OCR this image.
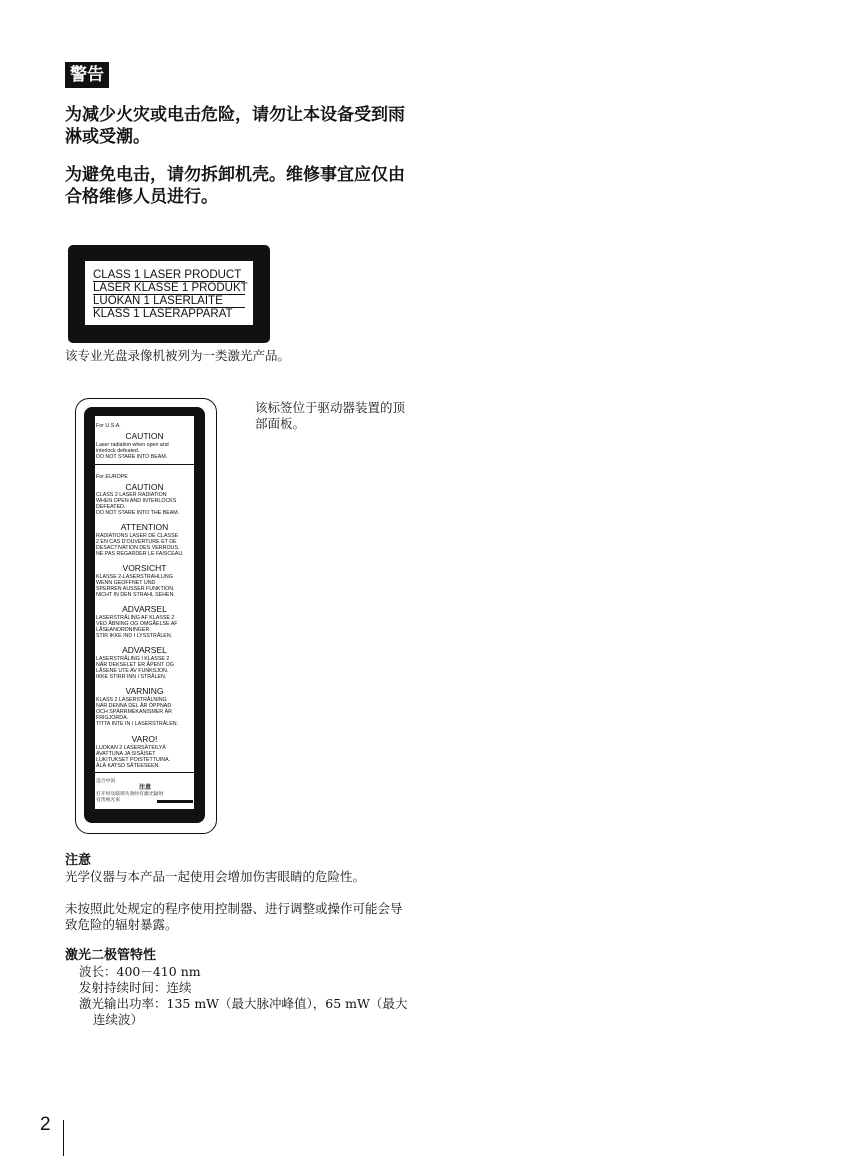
警告
为减少火灾或电击危险，请勿让本设备受到雨
淋或受潮。
为避免电击，请勿拆卸机壳。维修事宜应仅由
合格维修人员进行。
CLASS 1 LASER PRODUCT
LASER KLASSE 1 PRODUKT
LUOKAN 1 LASERLAITE
KLASS 1 LASERAPPARAT
该专业光盘录像机被列为一类激光产品。
For U.S.A.
CAUTION
Laser radiation when open and
interlock defeated.
DO NOT STARE INTO BEAM.
For EUROPE
CAUTION
CLASS 2 LASER RADIATION
WHEN OPEN AND INTERLOCKS
DEFEATED.
DO NOT STARE INTO THE BEAM.
ATTENTION
RADIATIONS LASER DE CLASSE
2 EN CAS D'OUVERTURE ET DE
DESACTIVATION DES VERROUS.
NE PAS REGARDER LE FAISCEAU.
VORSICHT
KLASSE 2-LASERSTRAHLUNG
WENN GEOFFNET UND
SPERREN AUSSER FUNKTION.
NICHT IN DEN STRAHL SEHEN.
ADVARSEL
LASERSTRÅLING AF KLASSE 2
VED ÅBNING OG OMGÅELSE AF
LÅSEANORDNINGER.
STIR IKKE IND I LYSSTRÅLEN.
ADVARSEL
LASERSTRÅLING I KLASSE 2
NÅR DEKSELET ER ÅPENT OG
LÅSENE UTE AV FUNKSJON.
IKKE STIRR INN I STRÅLEN.
VARNING
KLASS 2 LASERSTRÅLNING
NÄR DENNA DEL ÄR ÖPPNAD
OCH SPÄRRMEKANISMER ÄR
FRIGJORDA.
TITTA INTE IN I LASERSTRÅLEN.
VARO!
LUOKAN 2 LASERSÄTEILYÄ
AVATTUNA JA SISÄISET
LUKITUKSET POISTETTUINA.
ÄLÄ KATSO SÄTEESEEN.
适合中国
注意
打开时及联锁失效时有激光辐射
有害视光束
该标签位于驱动器装置的顶
部面板。
注意
光学仪器与本产品一起使用会增加伤害眼睛的危险性。
未按照此处规定的程序使用控制器、进行调整或操作可能会导
致危险的辐射暴露。
激光二极管特性
波长：400－410 nm
发射持续时间：连续
激光输出功率：135 mW（最大脉冲峰值），65 mW（最大
连续波）
2
